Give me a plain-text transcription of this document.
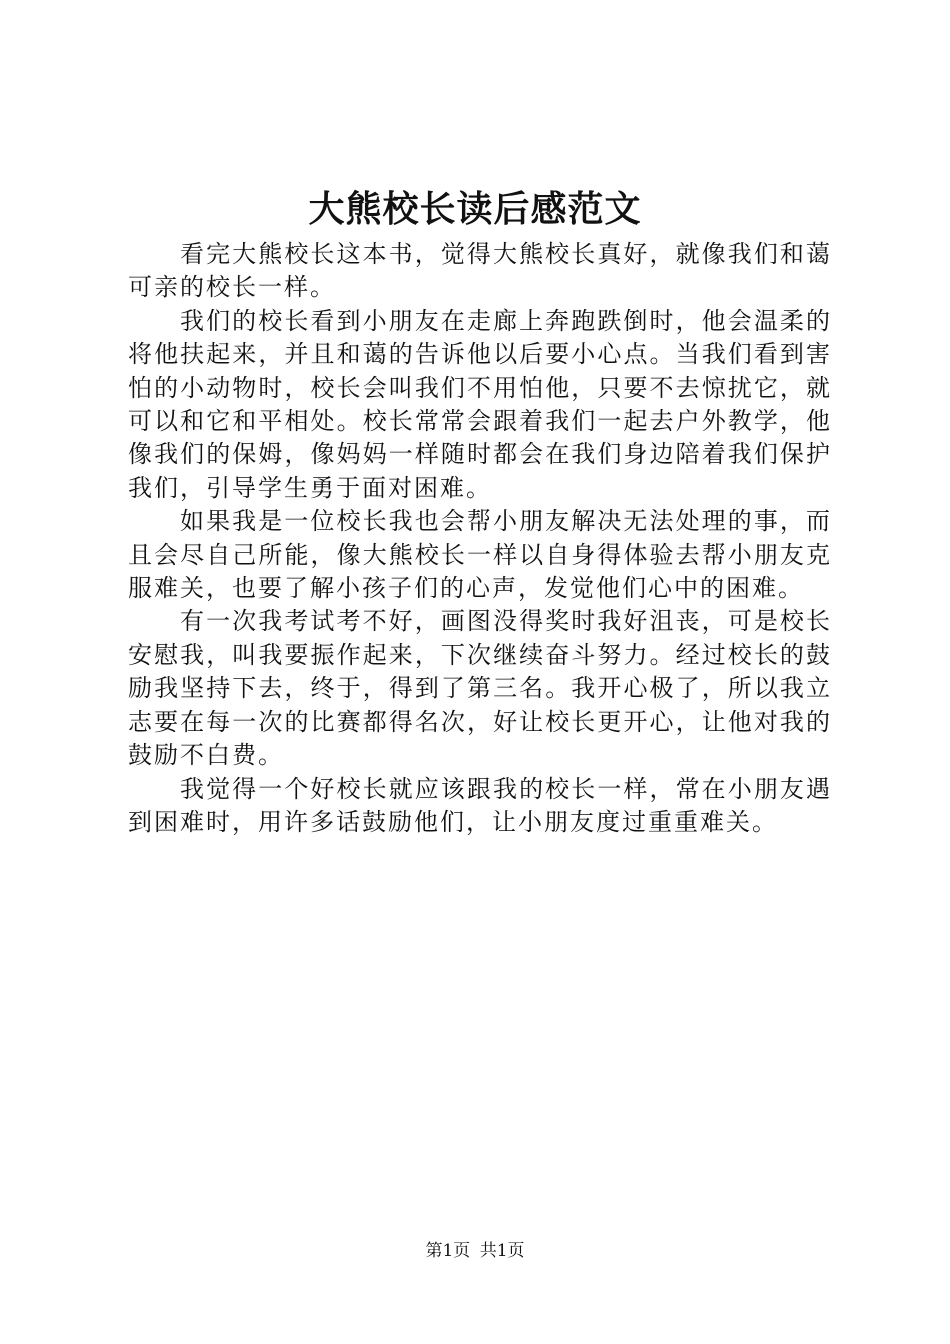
大熊校长读后感范文

看完大熊校长这本书，觉得大熊校长真好，就像我们和蔼可亲的校长一样。

我们的校长看到小朋友在走廊上奔跑跌倒时，他会温柔的将他扶起来，并且和蔼的告诉他以后要小心点。当我们看到害怕的小动物时，校长会叫我们不用怕他，只要不去惊扰它，就可以和它和平相处。校长常常会跟着我们一起去户外教学，他像我们的保姆，像妈妈一样随时都会在我们身边陪着我们保护我们，引导学生勇于面对困难。

如果我是一位校长我也会帮小朋友解决无法处理的事，而且会尽自己所能，像大熊校长一样以自身得体验去帮小朋友克服难关，也要了解小孩子们的心声，发觉他们心中的困难。

有一次我考试考不好，画图没得奖时我好沮丧，可是校长安慰我，叫我要振作起来，下次继续奋斗努力。经过校长的鼓励我坚持下去，终于，得到了第三名。我开心极了，所以我立志要在每一次的比赛都得名次，好让校长更开心，让他对我的鼓励不白费。

我觉得一个好校长就应该跟我的校长一样，常在小朋友遇到困难时，用许多话鼓励他们，让小朋友度过重重难关。

第1页 共1页
